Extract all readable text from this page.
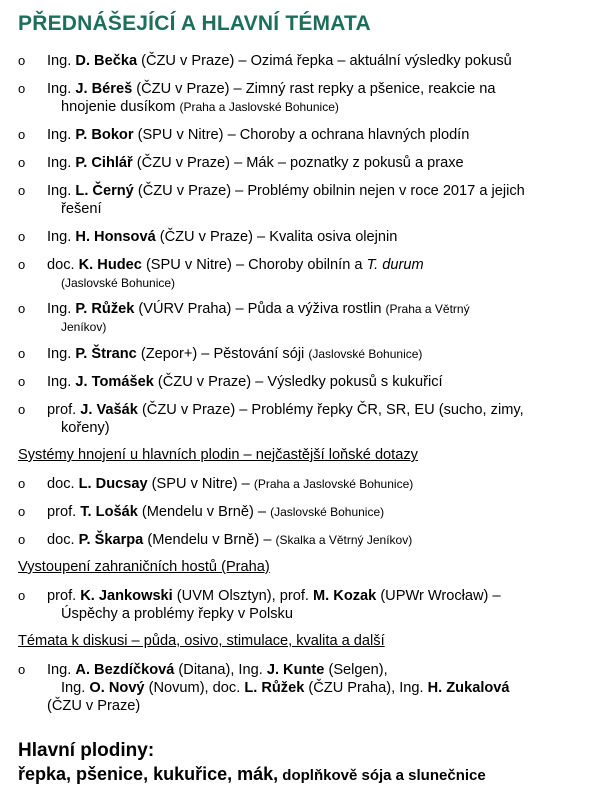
PŘEDNÁŠEJÍCÍ A HLAVNÍ TÉMATA
o Ing. D. Bečka (ČZU v Praze) – Ozimá řepka – aktuální výsledky pokusů
o Ing. J. Béreš (ČZU v Praze) – Zimný rast repky a pšenice, reakcie na
hnojenie dusíkom (Praha a Jaslovské Bohunice)
o Ing. P. Bokor (SPU v Nitre) – Choroby a ochrana hlavných plodín
o Ing. P. Cihlář (ČZU v Praze) – Mák – poznatky z pokusů a praxe
o Ing. L. Černý (ČZU v Praze) – Problémy obilnin nejen v roce 2017 a jejich
řešení
o Ing. H. Honsová (ČZU v Praze) – Kvalita osiva olejnin
o doc. K. Hudec (SPU v Nitre) – Choroby obilnín a T. durum
(Jaslovské Bohunice)
o Ing. P. Růžek (VÚRV Praha) – Půda a výživa rostlin (Praha a Větrný
Jeníkov)
o Ing. P. Štranc (Zepor+) – Pěstování sóji (Jaslovské Bohunice)
o Ing. J. Tomášek (ČZU v Praze) – Výsledky pokusů s kukuřicí
o prof. J. Vašák (ČZU v Praze) – Problémy řepky ČR, SR, EU (sucho, zimy,
kořeny)
Systémy hnojení u hlavních plodin – nejčastější loňské dotazy
o doc. L. Ducsay (SPU v Nitre) – (Praha a Jaslovské Bohunice)
o prof. T. Lošák (Mendelu v Brně) – (Jaslovské Bohunice)
o doc. P. Škarpa (Mendelu v Brně) – (Skalka a Větrný Jeníkov)
Vystoupení zahraničních hostů (Praha)
o prof. K. Jankowski (UVM Olsztyn), prof. M. Kozak (UPWr Wrocław) –
Úspěchy a problémy řepky v Polsku
Témata k diskusi – půda, osivo, stimulace, kvalita a další
o Ing. A. Bezdíčková (Ditana), Ing. J. Kunte (Selgen),
Ing. O. Nový (Novum), doc. L. Růžek (ČZU Praha), Ing. H. Zukalová
(ČZU v Praze)
Hlavní plodiny:
řepka, pšenice, kukuřice, mák, doplňkově sója a slunečnice
